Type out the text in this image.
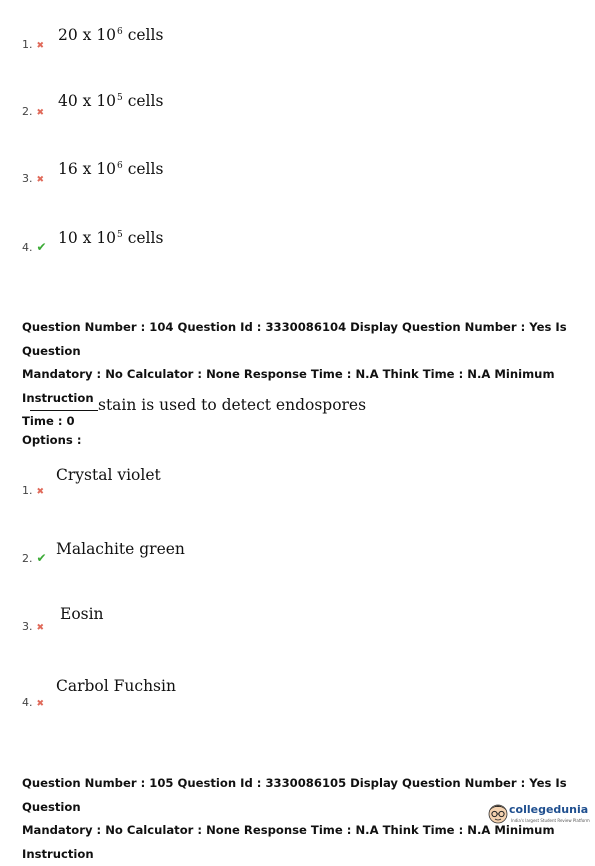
1. ✖
20 x $10^6$ cells
2. ✖
40 x $10^5$ cells
3. ✖
16 x $10^6$ cells
4. ✔ 10 x $10^5$ cells
Question Number : 104 Question Id : 3330086104 Display Question Number : Yes Is Question
Mandatory : No Calculator : None Response Time : N.A Think Time : N.A Minimum Instruction
Time : 0
stain is used to detect endospores
Options :
1. ✖
Crystal violet
2. ✔ Malachite green
3. ✖
Eosin
4. ✖
Carbol Fuchsin
Question Number : 105 Question Id : 3330086105 Display Question Number : Yes Is Question
Mandatory : No Calculator : None Response Time : N.A Think Time : N.A Minimum Instruction
collegedunia
India's largest Student Review Platform
